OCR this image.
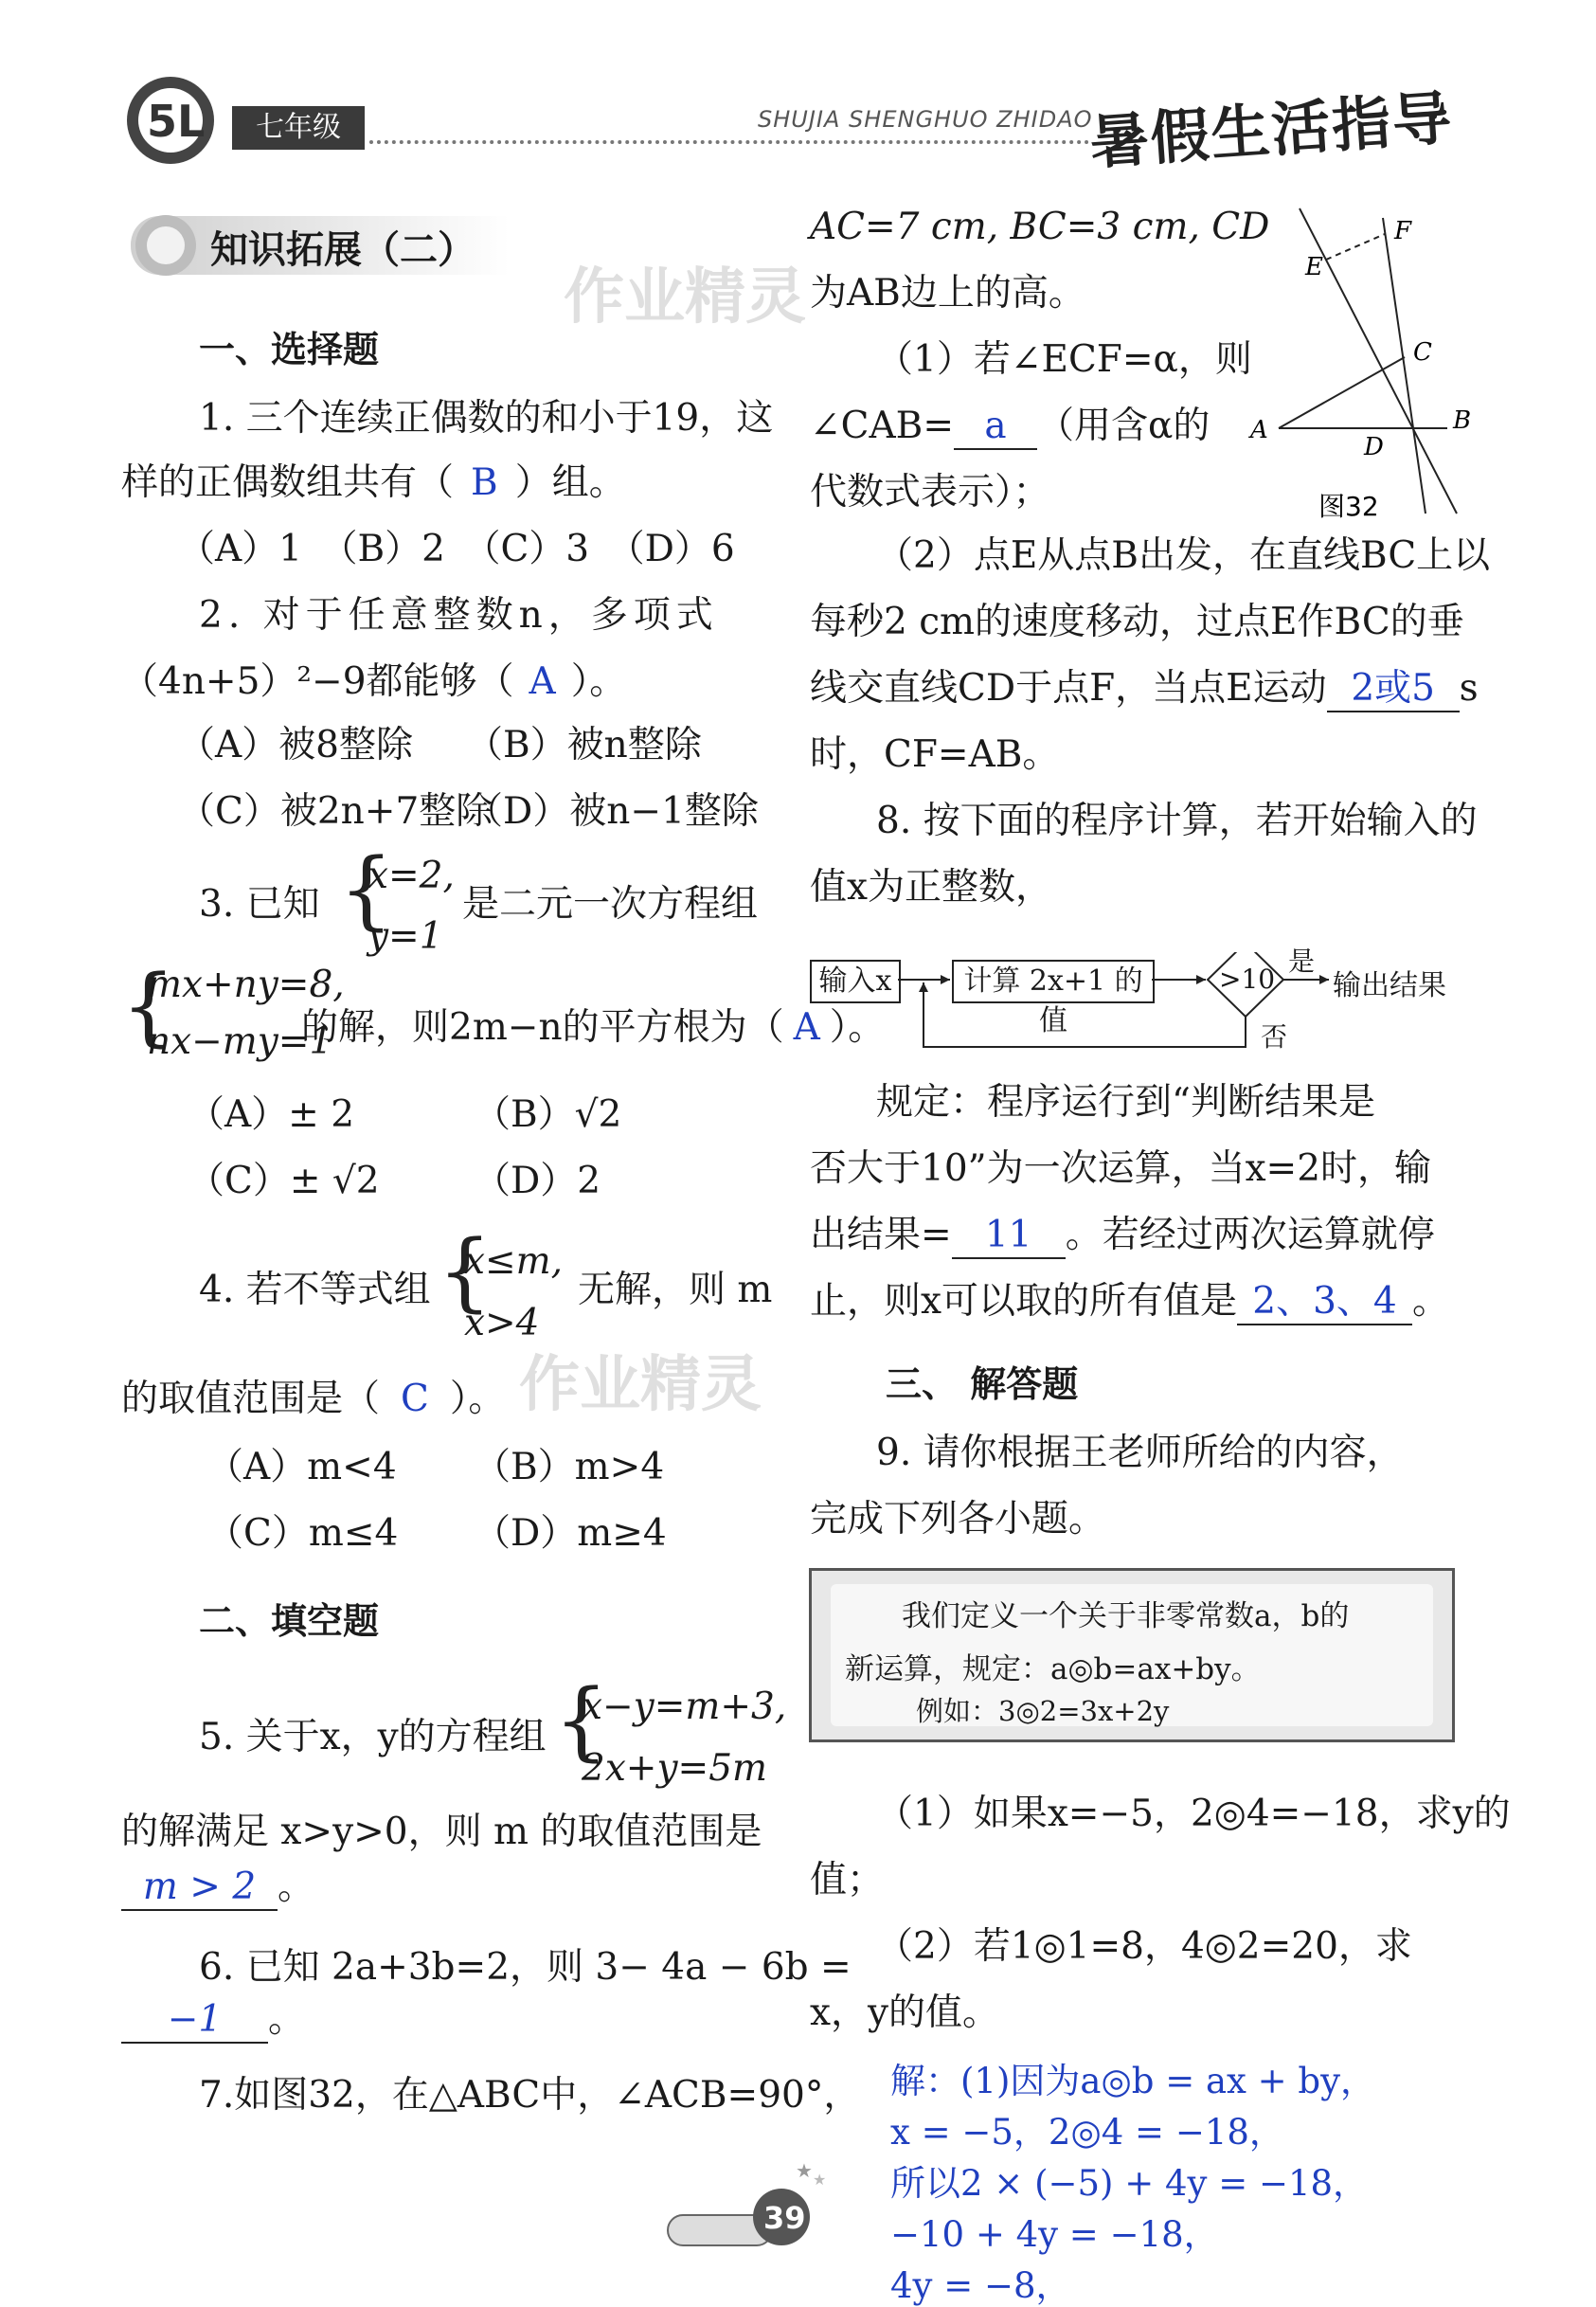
5L	七年级	SHUJIA SHENGHUO ZHIDAO
暑假生活指导
知识拓展（二）
作业精灵
作业精灵
一、选择题
1. 三个连续正偶数的和小于19，这
样的正偶数组共有（ B ）组。
（A）1　（B）2　（C）3　（D）6
2. 对于任意整数n，多项式
（4n+5）²−9都能够（ A ）。
（A）被8整除 （B）被n整除
（C）被2n+7整除
（D）被n−1整除
3. 已知 {
x=2,
y=1
是二元一次方程组
{
mx+ny=8,
nx−my=1
的解，则2m−n的平方根为（ A ）。
（A）± 2	（B）√2
（C）± √2	（D）2
4. 若不等式组 {
x≤m,
x>4
无解，则 m
的取值范围是（ C ）。
（A）m<4 （B）m>4
（C）m≤4 （D）m≥4
二、填空题
5. 关于x，y的方程组 {
x−y=m+3,
2x+y=5m
的解满足 x>y>0，则 m 的取值范围是
m > 2 。
6. 已知 2a+3b=2，则 3− 4a − 6b =
−1 。
7.如图32，在△ABC中，∠ACB=90°，
AC=7 cm, BC=3 cm, CD
为AB边上的高。
（1）若∠ECF=α，则
∠CAB= a （用含α的
代数式表示）；
F
E
C
A	B
D
图32
（2）点E从点B出发，在直线BC上以
每秒2 cm的速度移动，过点E作BC的垂
线交直线CD于点F，当点E运动 2或5 s
时，CF=AB。
8. 按下面的程序计算，若开始输入的
值x为正整数，
输入x	计算 2x+1 的值
>10
是
输出结果
否
规定：程序运行到“判断结果是
否大于10”为一次运算，当x=2时，输
出结果= 11 。若经过两次运算就停
止，则x可以取的所有值是 2、3、4 。
三、 解答题
9. 请你根据王老师所给的内容，
完成下列各小题。
我们定义一个关于非零常数a，b的
新运算，规定：a◎b=ax+by。
例如：3◎2=3x+2y
（1）如果x=−5，2◎4=−18，求y的
值；
（2）若1◎1=8，4◎2=20，求
x，y的值。
解：(1)因为a◎b = ax + by，
x = −5，2◎4 = −18，
所以2 × (−5) + 4y = −18，
−10 + 4y = −18，
4y = −8，
★ ★
39
